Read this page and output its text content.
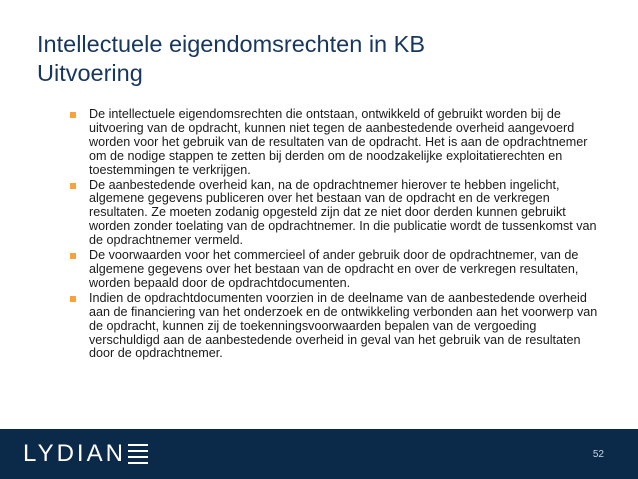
Intellectuele eigendomsrechten in KB
Uitvoering
De intellectuele eigendomsrechten die ontstaan, ontwikkeld of gebruikt worden bij de uitvoering van de opdracht, kunnen niet tegen de aanbestedende overheid aangevoerd worden voor het gebruik van de resultaten van de opdracht. Het is aan de opdrachtnemer om de nodige stappen te zetten bij derden om de noodzakelijke exploitatierechten en toestemmingen te verkrijgen.
De aanbestedende overheid kan, na de opdrachtnemer hierover te hebben ingelicht, algemene gegevens publiceren over het bestaan van de opdracht en de verkregen resultaten. Ze moeten zodanig opgesteld zijn dat ze niet door derden kunnen gebruikt worden zonder toelating van de opdrachtnemer. In die publicatie wordt de tussenkomst van de opdrachtnemer vermeld.
De voorwaarden voor het commercieel of ander gebruik door de opdrachtnemer, van de algemene gegevens over het bestaan van de opdracht en over de verkregen resultaten, worden bepaald door de opdrachtdocumenten.
Indien de opdrachtdocumenten voorzien in de deelname van de aanbestedende overheid aan de financiering van het onderzoek en de ontwikkeling verbonden aan het voorwerp van de opdracht, kunnen zij de toekenningsvoorwaarden bepalen van de vergoeding verschuldigd aan de aanbestedende overheid in geval van het gebruik van de resultaten door de opdrachtnemer.
LYDIAN	52
